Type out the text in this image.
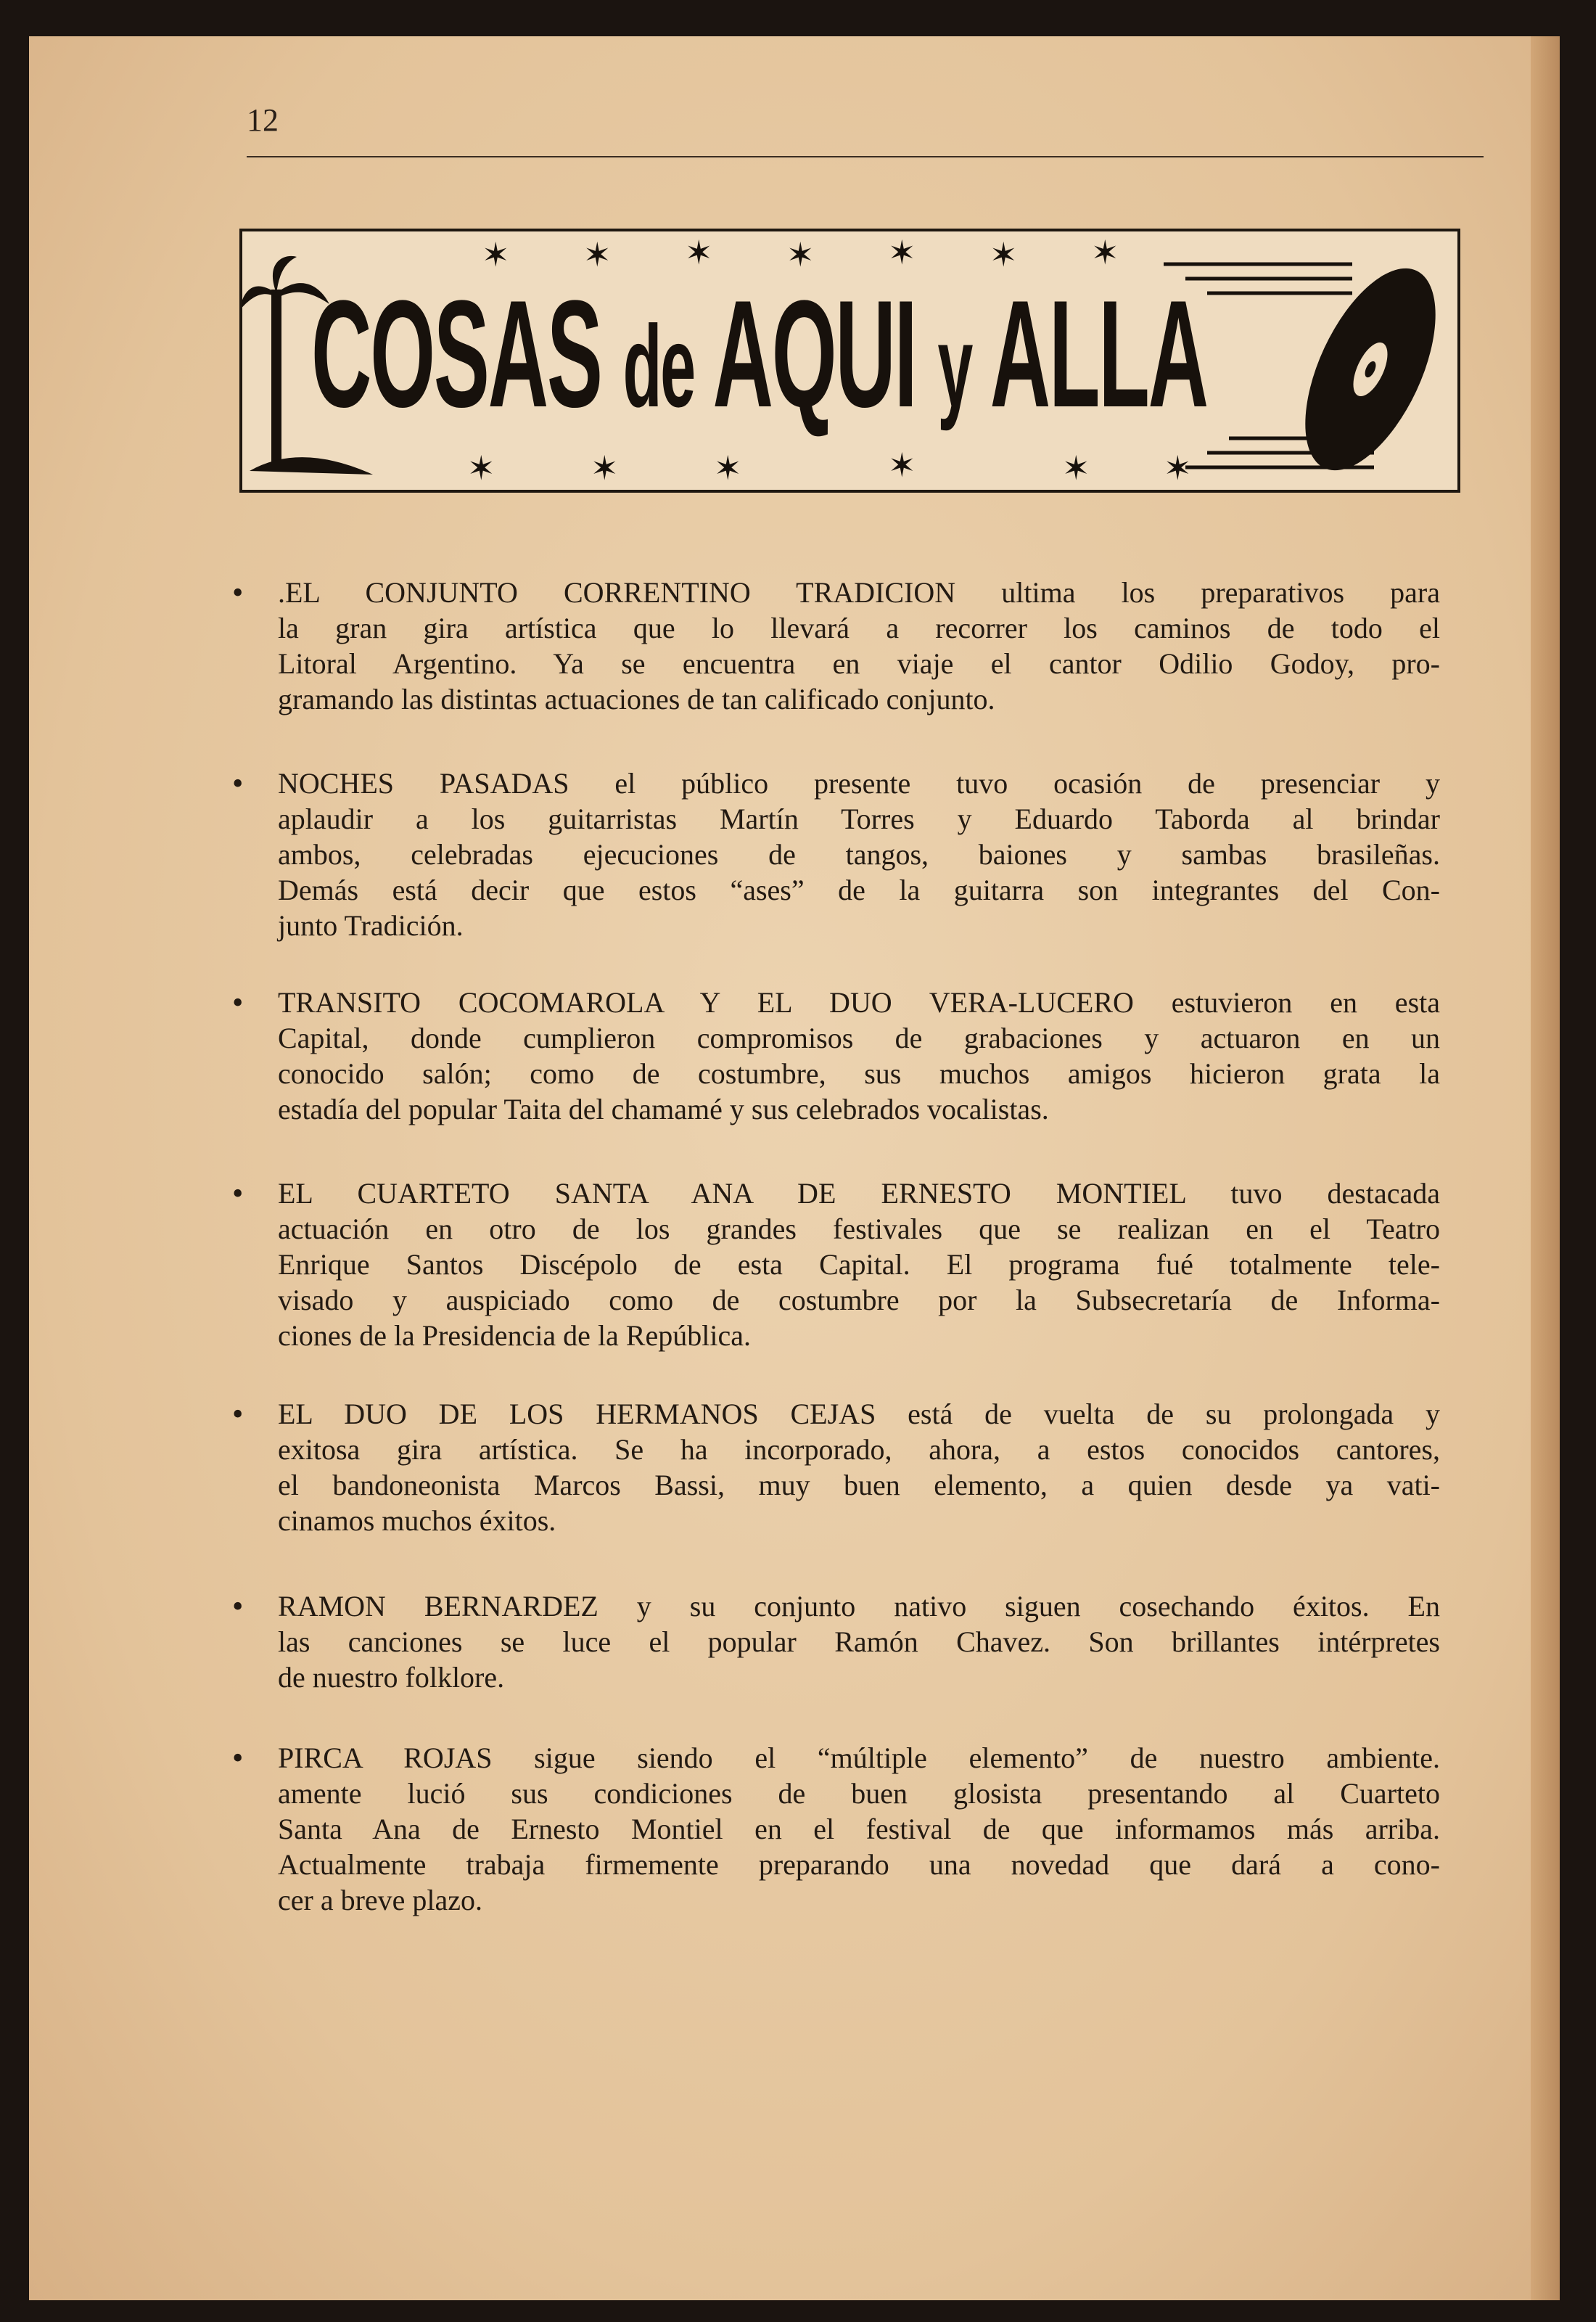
12
✶ ✶ ✶ ✶ ✶ ✶ ✶
✶	✶	✶	✶	✶ ✶
COSAS de AQUI y ALLA
•	.EL CONJUNTO CORRENTINO TRADICION ultima los preparativos para
la gran gira artística que lo llevará a recorrer los caminos de todo el
Litoral Argentino. Ya se encuentra en viaje el cantor Odilio Godoy, pro-
gramando las distintas actuaciones de tan calificado conjunto.
•	NOCHES PASADAS el público presente tuvo ocasión de presenciar y
aplaudir a los guitarristas Martín Torres y Eduardo Taborda al brindar
ambos, celebradas ejecuciones de tangos, baiones y sambas brasileñas.
Demás está decir que estos “ases” de la guitarra son integrantes del Con-
junto Tradición.
•	TRANSITO COCOMAROLA Y EL DUO VERA-LUCERO estuvieron en esta
Capital, donde cumplieron compromisos de grabaciones y actuaron en un
conocido salón; como de costumbre, sus muchos amigos hicieron grata la
estadía del popular Taita del chamamé y sus celebrados vocalistas.
•	EL CUARTETO SANTA ANA DE ERNESTO MONTIEL tuvo destacada
actuación en otro de los grandes festivales que se realizan en el Teatro
Enrique Santos Discépolo de esta Capital. El programa fué totalmente tele-
visado y auspiciado como de costumbre por la Subsecretaría de Informa-
ciones de la Presidencia de la República.
•	EL DUO DE LOS HERMANOS CEJAS está de vuelta de su prolongada y
exitosa gira artística. Se ha incorporado, ahora, a estos conocidos cantores,
el bandoneonista Marcos Bassi, muy buen elemento, a quien desde ya vati-
cinamos muchos éxitos.
•	RAMON BERNARDEZ y su conjunto nativo siguen cosechando éxitos. En
las canciones se luce el popular Ramón Chavez. Son brillantes intérpretes
de nuestro folklore.
•	PIRCA ROJAS sigue siendo el “múltiple elemento” de nuestro ambiente.
amente lució sus condiciones de buen glosista presentando al Cuarteto
Santa Ana de Ernesto Montiel en el festival de que informamos más arriba.
Actualmente trabaja firmemente preparando una novedad que dará a cono-
cer a breve plazo.
